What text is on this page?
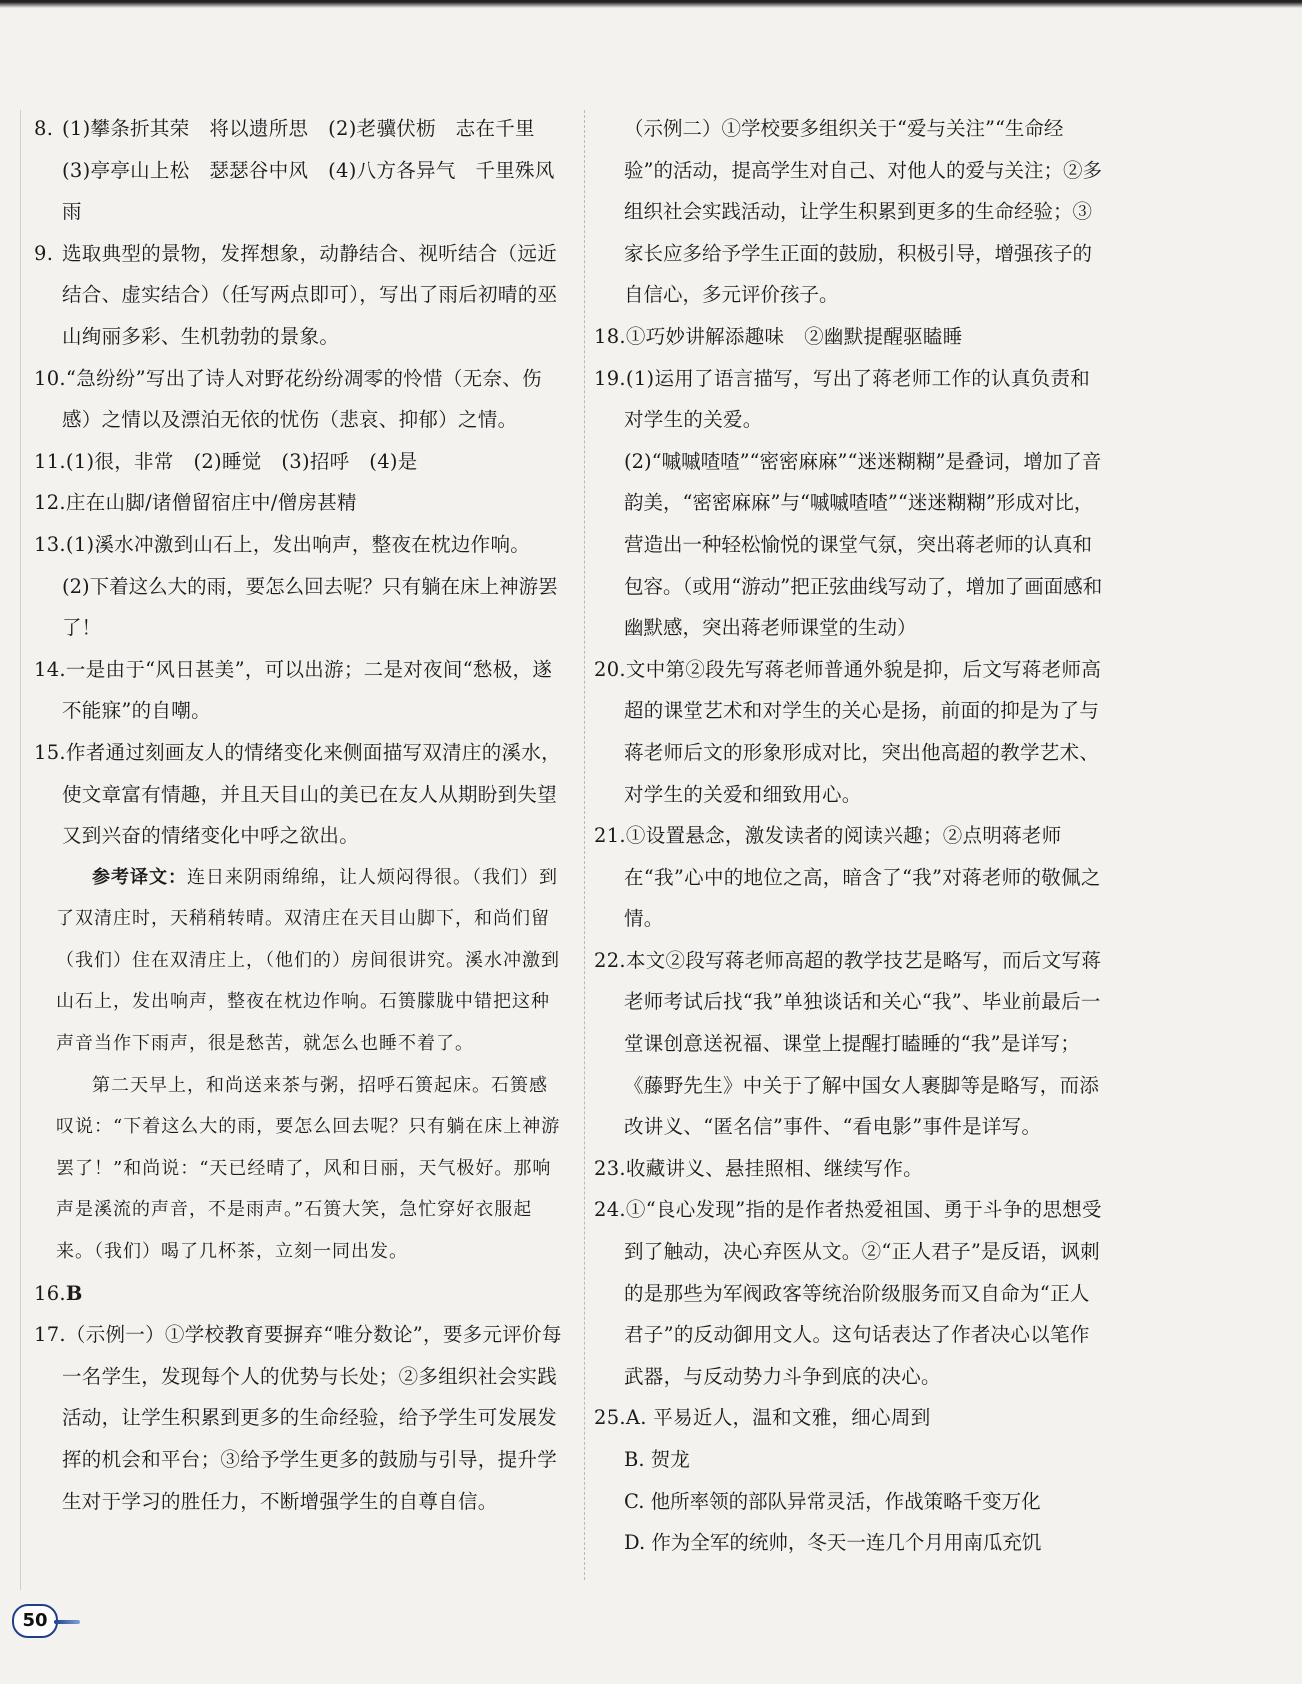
8. (1)攀条折其荣　将以遗所思　(2)老骥伏枥　志在千里　(3)亭亭山上松　瑟瑟谷中风　(4)八方各异气　千里殊风雨
9. 选取典型的景物，发挥想象，动静结合、视听结合（远近结合、虚实结合）（任写两点即可），写出了雨后初晴的巫山绚丽多彩、生机勃勃的景象。
10.“急纷纷”写出了诗人对野花纷纷凋零的怜惜（无奈、伤感）之情以及漂泊无依的忧伤（悲哀、抑郁）之情。
11.(1)很，非常　(2)睡觉　(3)招呼　(4)是
12.庄在山脚/诸僧留宿庄中/僧房甚精
13.(1)溪水冲激到山石上，发出响声，整夜在枕边作响。
(2)下着这么大的雨，要怎么回去呢？只有躺在床上神游罢了！
14.一是由于“风日甚美”，可以出游；二是对夜间“愁极，遂不能寐”的自嘲。
15.作者通过刻画友人的情绪变化来侧面描写双清庄的溪水，使文章富有情趣，并且天目山的美已在友人从期盼到失望又到兴奋的情绪变化中呼之欲出。
参考译文：连日来阴雨绵绵，让人烦闷得很。（我们）到了双清庄时，天稍稍转晴。双清庄在天目山脚下，和尚们留（我们）住在双清庄上，（他们的）房间很讲究。溪水冲激到山石上，发出响声，整夜在枕边作响。石篑朦胧中错把这种声音当作下雨声，很是愁苦，就怎么也睡不着了。
第二天早上，和尚送来茶与粥，招呼石篑起床。石篑感叹说：“下着这么大的雨，要怎么回去呢？只有躺在床上神游罢了！”和尚说：“天已经晴了，风和日丽，天气极好。那响声是溪流的声音，不是雨声。”石篑大笑，急忙穿好衣服起来。（我们）喝了几杯茶，立刻一同出发。
16.B
17.（示例一）①学校教育要摒弃“唯分数论”，要多元评价每一名学生，发现每个人的优势与长处；②多组织社会实践活动，让学生积累到更多的生命经验，给予学生可发展发挥的机会和平台；③给予学生更多的鼓励与引导，提升学生对于学习的胜任力，不断增强学生的自尊自信。
（示例二）①学校要多组织关于“爱与关注”“生命经验”的活动，提高学生对自己、对他人的爱与关注；②多组织社会实践活动，让学生积累到更多的生命经验；③家长应多给予学生正面的鼓励，积极引导，增强孩子的自信心，多元评价孩子。
18.①巧妙讲解添趣味　②幽默提醒驱瞌睡
19.(1)运用了语言描写，写出了蒋老师工作的认真负责和对学生的关爱。
(2)“嘁嘁喳喳”“密密麻麻”“迷迷糊糊”是叠词，增加了音韵美，“密密麻麻”与“嘁嘁喳喳”“迷迷糊糊”形成对比，营造出一种轻松愉悦的课堂气氛，突出蒋老师的认真和包容。（或用“游动”把正弦曲线写动了，增加了画面感和幽默感，突出蒋老师课堂的生动）
20.文中第②段先写蒋老师普通外貌是抑，后文写蒋老师高超的课堂艺术和对学生的关心是扬，前面的抑是为了与蒋老师后文的形象形成对比，突出他高超的教学艺术、对学生的关爱和细致用心。
21.①设置悬念，激发读者的阅读兴趣；②点明蒋老师在“我”心中的地位之高，暗含了“我”对蒋老师的敬佩之情。
22.本文②段写蒋老师高超的教学技艺是略写，而后文写蒋老师考试后找“我”单独谈话和关心“我”、毕业前最后一堂课创意送祝福、课堂上提醒打瞌睡的“我”是详写；《藤野先生》中关于了解中国女人裹脚等是略写，而添改讲义、“匿名信”事件、“看电影”事件是详写。
23.收藏讲义、悬挂照相、继续写作。
24.①“良心发现”指的是作者热爱祖国、勇于斗争的思想受到了触动，决心弃医从文。②“正人君子”是反语，讽刺的是那些为军阀政客等统治阶级服务而又自命为“正人君子”的反动御用文人。这句话表达了作者决心以笔作武器，与反动势力斗争到底的决心。
25.A. 平易近人，温和文雅，细心周到
B. 贺龙
C. 他所率领的部队异常灵活，作战策略千变万化
D. 作为全军的统帅，冬天一连几个月用南瓜充饥
50
